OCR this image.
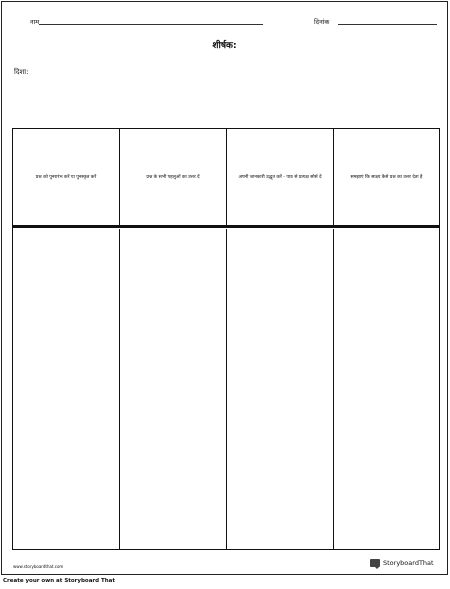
नाम	दिनांक
शीर्षक:
दिशा:
प्रश्न को पुनरारंभ करें या पुनस्कृत करें	प्रश्न के सभी पहलुओं का उत्तर दें	अपनी जानकारी उद्धृत करें - पाठ से प्रत्यक्ष सोर्स दें	समझाएं कि साक्ष्य कैसे प्रश्न का उत्तर देता है
www.storyboardthat.com	StoryboardThat
Create your own at Storyboard That
